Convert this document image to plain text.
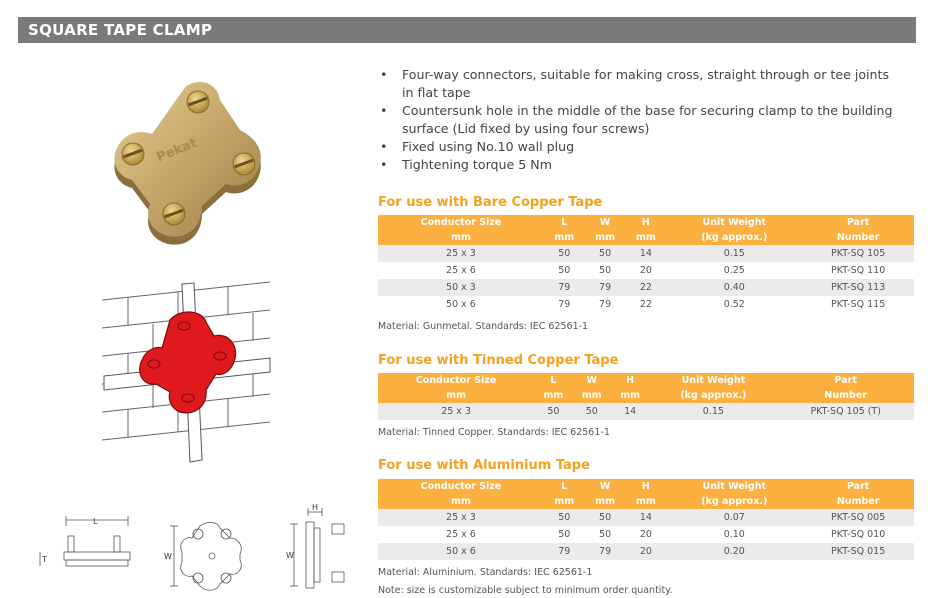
SQUARE TAPE CLAMP
Pekat
L
T	W
H
W
• Four-way connectors, suitable for making cross, straight through or tee joints in flat tape
• Countersunk hole in the middle of the base for securing clamp to the building surface (Lid fixed by using four screws)
• Fixed using No.10 wall plug
• Tightening torque 5 Nm
For use with Bare Copper Tape
Conductor Size	L	W	H	Unit Weight	Part
mm	mm	mm	mm	(kg approx.)	Number
25 x 3	50	50	14	0.15	PKT-SQ 105
25 x 6	50	50	20	0.25	PKT-SQ 110
50 x 3	79	79	22	0.40	PKT-SQ 113
50 x 6	79	79	22	0.52	PKT-SQ 115
Material: Gunmetal. Standards: IEC 62561-1
For use with Tinned Copper Tape
Conductor Size	L	W	H	Unit Weight	Part
mm	mm	mm	mm	(kg approx.)	Number
25 x 3	50	50	14	0.15	PKT-SQ 105 (T)
Material: Tinned Copper. Standards: IEC 62561-1
For use with Aluminium Tape
Conductor Size	L	W	H	Unit Weight	Part
mm	mm	mm	mm	(kg approx.)	Number
25 x 3	50	50	14	0.07	PKT-SQ 005
25 x 6	50	50	20	0.10	PKT-SQ 010
50 x 6	79	79	20	0.20	PKT-SQ 015
Material: Aluminium. Standards: IEC 62561-1
Note: size is customizable subject to minimum order quantity.
